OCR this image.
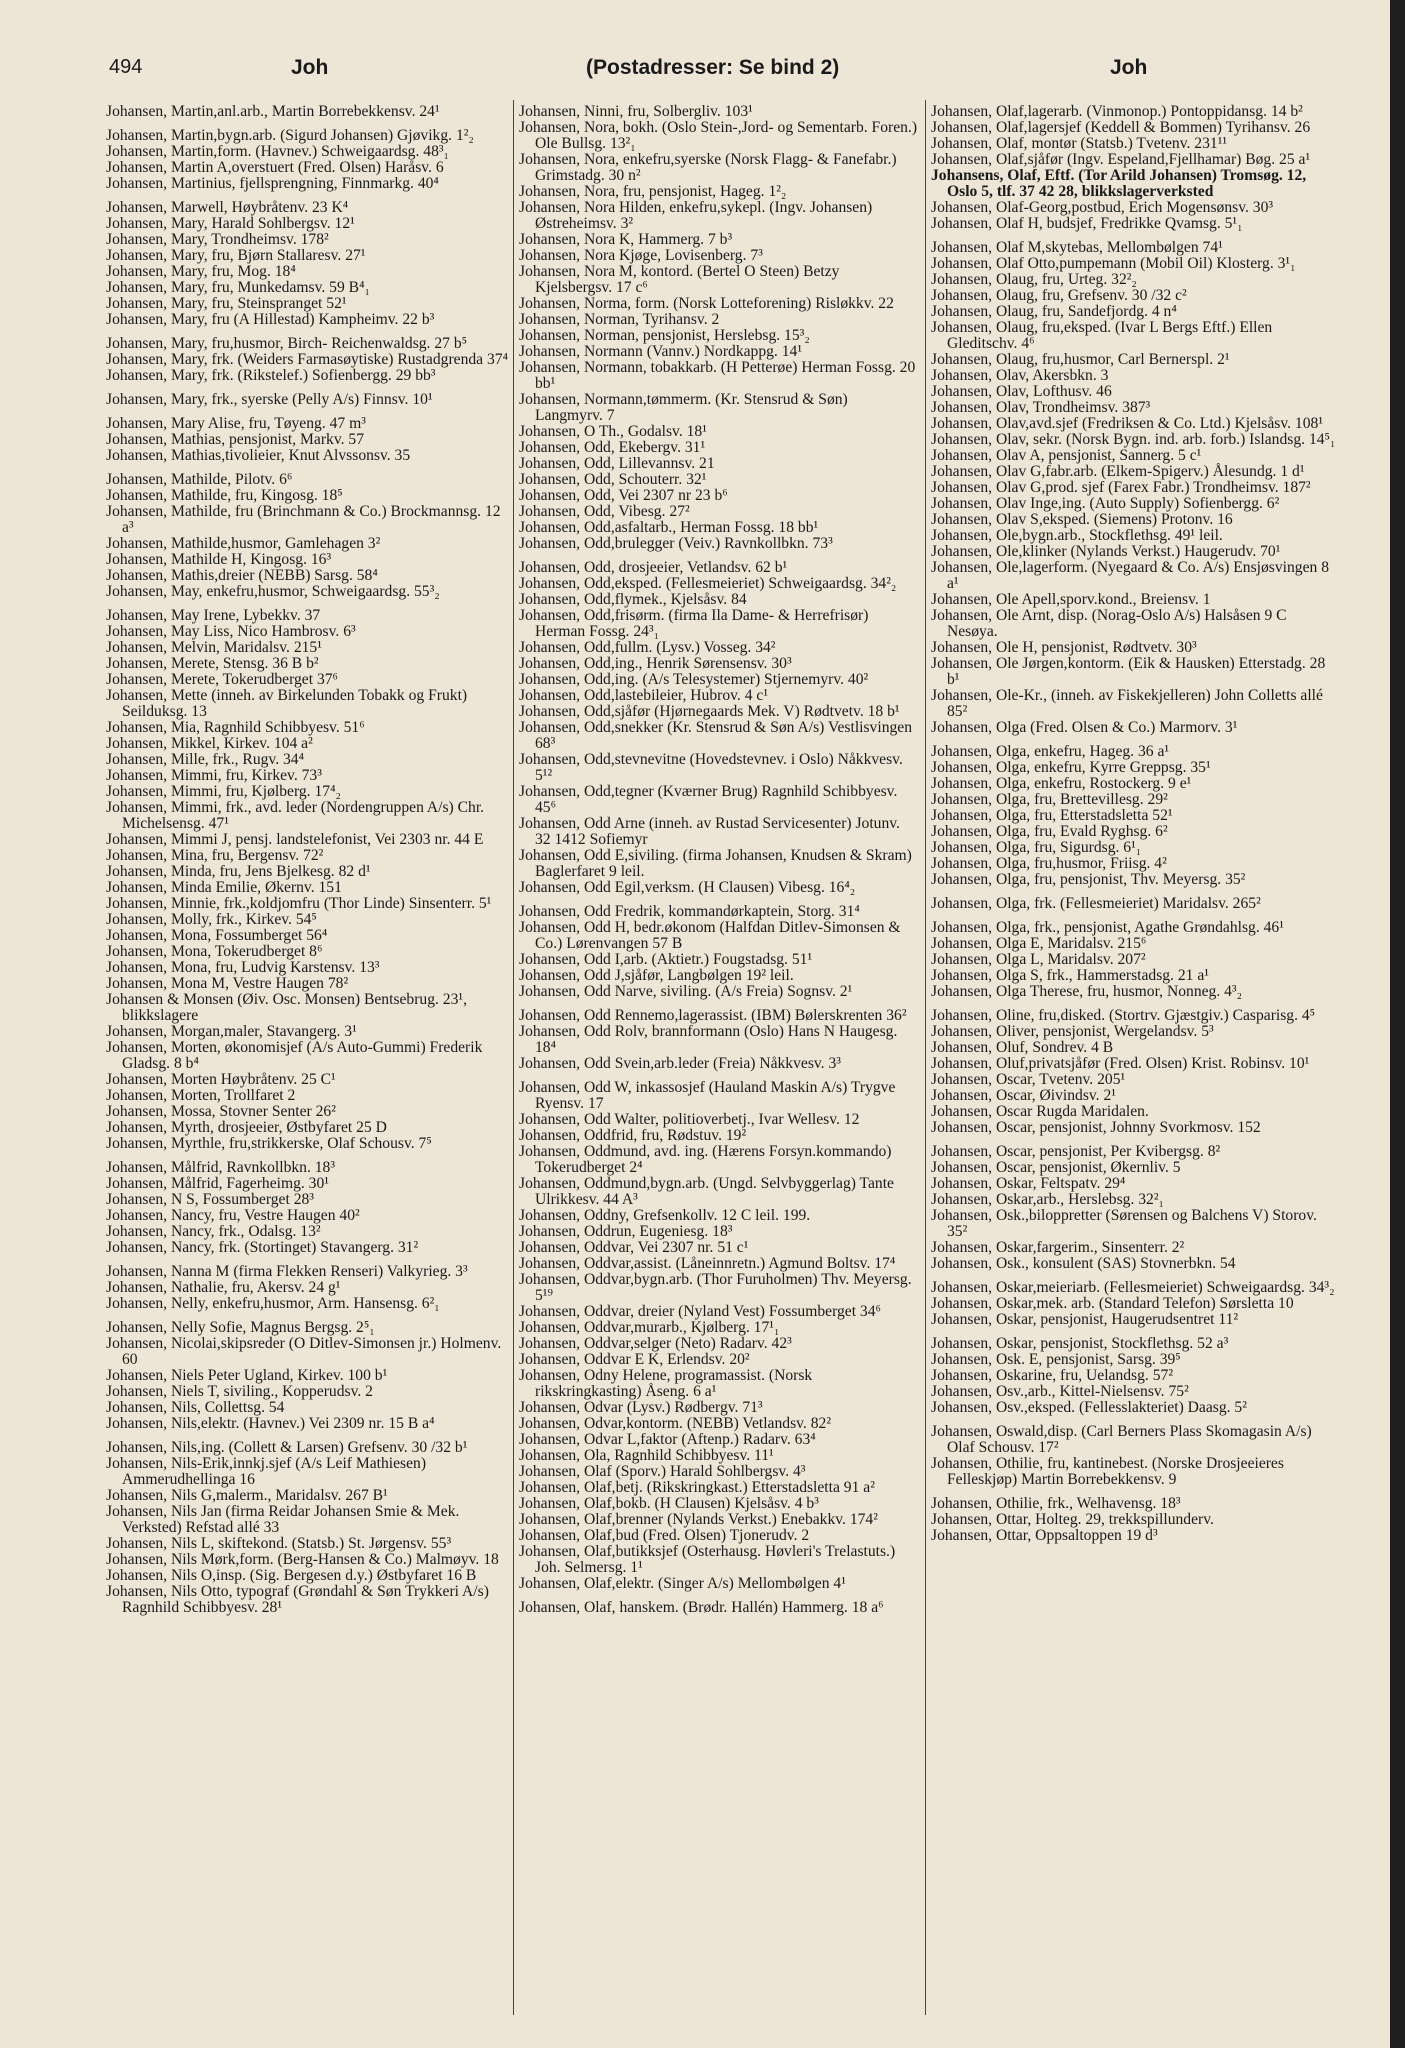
494	Joh	(Postadresser: Se bind 2)	Joh
Johansen, Martin,anl.arb., Martin Borrebekkensv. 24¹
Johansen, Martin,bygn.arb. (Sigurd Johansen) Gjøvikg. 1²₂
Johansen, Martin,form. (Havnev.) Schweigaardsg. 48³₁
Johansen, Martin A,overstuert (Fred. Olsen) Haråsv. 6
Johansen, Martinius, fjellsprengning, Finnmarkg. 40⁴
Johansen, Marwell, Høybråtenv. 23 K⁴
Johansen, Mary, Harald Sohlbergsv. 12¹
Johansen, Mary, Trondheimsv. 178²
Johansen, Mary, fru, Bjørn Stallaresv. 27¹
Johansen, Mary, fru, Mog. 18⁴
Johansen, Mary, fru, Munkedamsv. 59 B⁴₁
Johansen, Mary, fru, Steinspranget 52¹
Johansen, Mary, fru (A Hillestad) Kampheimv. 22 b³
Johansen, Mary, fru,husmor, Birch- Reichenwaldsg. 27 b⁵
Johansen, Mary, frk. (Weiders Farmasøytiske) Rustadgrenda 37⁴
Johansen, Mary, frk. (Rikstelef.) Sofienbergg. 29 bb³
Johansen, Mary, frk., syerske (Pelly A/s) Finnsv. 10¹
Johansen, Mary Alise, fru, Tøyeng. 47 m³
Johansen, Mathias, pensjonist, Markv. 57
Johansen, Mathias,tivolieier, Knut Alvssonsv. 35
Johansen, Mathilde, Pilotv. 6⁶
Johansen, Mathilde, fru, Kingosg. 18⁵
Johansen, Mathilde, fru (Brinchmann & Co.) Brockmannsg. 12 a³
Johansen, Mathilde,husmor, Gamlehagen 3²
Johansen, Mathilde H, Kingosg. 16³
Johansen, Mathis,dreier (NEBB) Sarsg. 58⁴
Johansen, May, enkefru,husmor, Schweigaardsg. 55³₂
Johansen, May Irene, Lybekkv. 37
Johansen, May Liss, Nico Hambrosv. 6³
Johansen, Melvin, Maridalsv. 215¹
Johansen, Merete, Stensg. 36 B b²
Johansen, Merete, Tokerudberget 37⁶
Johansen, Mette (inneh. av Birkelunden Tobakk og Frukt) Seilduksg. 13
Johansen, Mia, Ragnhild Schibbyesv. 51⁶
Johansen, Mikkel, Kirkev. 104 a²
Johansen, Mille, frk., Rugv. 34⁴
Johansen, Mimmi, fru, Kirkev. 73³
Johansen, Mimmi, fru, Kjølberg. 17⁴₂
Johansen, Mimmi, frk., avd. leder (Nordengruppen A/s) Chr. Michelsensg. 47¹
Johansen, Mimmi J, pensj. landstelefonist, Vei 2303 nr. 44 E
Johansen, Mina, fru, Bergensv. 72²
Johansen, Minda, fru, Jens Bjelkesg. 82 d¹
Johansen, Minda Emilie, Økernv. 151
Johansen, Minnie, frk.,koldjomfru (Thor Linde) Sinsenterr. 5¹
Johansen, Molly, frk., Kirkev. 54⁵
Johansen, Mona, Fossumberget 56⁴
Johansen, Mona, Tokerudberget 8⁶
Johansen, Mona, fru, Ludvig Karstensv. 13³
Johansen, Mona M, Vestre Haugen 78²
Johansen & Monsen (Øiv. Osc. Monsen) Bentsebrug. 23¹, blikkslagere
Johansen, Morgan,maler, Stavangerg. 3¹
Johansen, Morten, økonomisjef (A/s Auto-Gummi) Frederik Gladsg. 8 b⁴
Johansen, Morten Høybråtenv. 25 C¹
Johansen, Morten, Trollfaret 2
Johansen, Mossa, Stovner Senter 26²
Johansen, Myrth, drosjeeier, Østbyfaret 25 D
Johansen, Myrthle, fru,strikkerske, Olaf Schousv. 7⁵
Johansen, Målfrid, Ravnkollbkn. 18³
Johansen, Målfrid, Fagerheimg. 30¹
Johansen, N S, Fossumberget 28³
Johansen, Nancy, fru, Vestre Haugen 40²
Johansen, Nancy, frk., Odalsg. 13²
Johansen, Nancy, frk. (Stortinget) Stavangerg. 31²
Johansen, Nanna M (firma Flekken Renseri) Valkyrieg. 3³
Johansen, Nathalie, fru, Akersv. 24 g¹
Johansen, Nelly, enkefru,husmor, Arm. Hansensg. 6²₁
Johansen, Nelly Sofie, Magnus Bergsg. 2⁵₁
Johansen, Nicolai,skipsreder (O Ditlev-Simonsen jr.) Holmenv. 60
Johansen, Niels Peter Ugland, Kirkev. 100 b¹
Johansen, Niels T, siviling., Kopperudsv. 2
Johansen, Nils, Collettsg. 54
Johansen, Nils,elektr. (Havnev.) Vei 2309 nr. 15 B a⁴
Johansen, Nils,ing. (Collett & Larsen) Grefsenv. 30 /32 b¹
Johansen, Nils-Erik,innkj.sjef (A/s Leif Mathiesen) Ammerudhellinga 16
Johansen, Nils G,malerm., Maridalsv. 267 B¹
Johansen, Nils Jan (firma Reidar Johansen Smie & Mek. Verksted) Refstad allé 33
Johansen, Nils L, skiftekond. (Statsb.) St. Jørgensv. 55³
Johansen, Nils Mørk,form. (Berg-Hansen & Co.) Malmøyv. 18
Johansen, Nils O,insp. (Sig. Bergesen d.y.) Østbyfaret 16 B
Johansen, Nils Otto, typograf (Grøndahl & Søn Trykkeri A/s) Ragnhild Schibbyesv. 28¹
Johansen, Ninni, fru, Solbergliv. 103¹
Johansen, Nora, bokh. (Oslo Stein-,Jord- og Sementarb. Foren.) Ole Bullsg. 13²₁
Johansen, Nora, enkefru,syerske (Norsk Flagg- & Fanefabr.) Grimstadg. 30 n²
Johansen, Nora, fru, pensjonist, Hageg. 1²₂
Johansen, Nora Hilden, enkefru,sykepl. (Ingv. Johansen) Østreheimsv. 3²
Johansen, Nora K, Hammerg. 7 b³
Johansen, Nora Kjøge, Lovisenberg. 7³
Johansen, Nora M, kontord. (Bertel O Steen) Betzy Kjelsbergsv. 17 c⁶
Johansen, Norma, form. (Norsk Lotteforening) Risløkkv. 22
Johansen, Norman, Tyrihansv. 2
Johansen, Norman, pensjonist, Herslebsg. 15³₂
Johansen, Normann (Vannv.) Nordkappg. 14¹
Johansen, Normann, tobakkarb. (H Petterøe) Herman Fossg. 20 bb¹
Johansen, Normann,tømmerm. (Kr. Stensrud & Søn) Langmyrv. 7
Johansen, O Th., Godalsv. 18¹
Johansen, Odd, Ekebergv. 31¹
Johansen, Odd, Lillevannsv. 21
Johansen, Odd, Schouterr. 32¹
Johansen, Odd, Vei 2307 nr 23 b⁶
Johansen, Odd, Vibesg. 27²
Johansen, Odd,asfaltarb., Herman Fossg. 18 bb¹
Johansen, Odd,brulegger (Veiv.) Ravnkollbkn. 73³
Johansen, Odd, drosjeeier, Vetlandsv. 62 b¹
Johansen, Odd,eksped. (Fellesmeieriet) Schweigaardsg. 34²₂
Johansen, Odd,flymek., Kjelsåsv. 84
Johansen, Odd,frisørm. (firma Ila Dame- & Herrefrisør) Herman Fossg. 24³₁
Johansen, Odd,fullm. (Lysv.) Vosseg. 34²
Johansen, Odd,ing., Henrik Sørensensv. 30³
Johansen, Odd,ing. (A/s Telesystemer) Stjernemyrv. 40²
Johansen, Odd,lastebileier, Hubrov. 4 c¹
Johansen, Odd,sjåfør (Hjørnegaards Mek. V) Rødtvetv. 18 b¹
Johansen, Odd,snekker (Kr. Stensrud & Søn A/s) Vestlisvingen 68³
Johansen, Odd,stevnevitne (Hovedstevnev. i Oslo) Nåkkvesv. 5¹²
Johansen, Odd,tegner (Kværner Brug) Ragnhild Schibbyesv. 45⁶
Johansen, Odd Arne (inneh. av Rustad Servicesenter) Jotunv. 32 1412 Sofiemyr
Johansen, Odd E,siviling. (firma Johansen, Knudsen & Skram) Baglerfaret 9 leil.
Johansen, Odd Egil,verksm. (H Clausen) Vibesg. 16⁴₂
Johansen, Odd Fredrik, kommandørkaptein, Storg. 31⁴
Johansen, Odd H, bedr.økonom (Halfdan Ditlev-Simonsen & Co.) Lørenvangen 57 B
Johansen, Odd I,arb. (Aktietr.) Fougstadsg. 51¹
Johansen, Odd J,sjåfør, Langbølgen 19² leil.
Johansen, Odd Narve, siviling. (A/s Freia) Sognsv. 2¹
Johansen, Odd Rennemo,lagerassist. (IBM) Bølerskrenten 36²
Johansen, Odd Rolv, brannformann (Oslo) Hans N Haugesg. 18⁴
Johansen, Odd Svein,arb.leder (Freia) Nåkkvesv. 3³
Johansen, Odd W, inkassosjef (Hauland Maskin A/s) Trygve Ryensv. 17
Johansen, Odd Walter, politioverbetj., Ivar Wellesv. 12
Johansen, Oddfrid, fru, Rødstuv. 19²
Johansen, Oddmund, avd. ing. (Hærens Forsyn.kommando) Tokerudberget 2⁴
Johansen, Oddmund,bygn.arb. (Ungd. Selvbyggerlag) Tante Ulrikkesv. 44 A³
Johansen, Oddny, Grefsenkollv. 12 C leil. 199.
Johansen, Oddrun, Eugeniesg. 18³
Johansen, Oddvar, Vei 2307 nr. 51 c¹
Johansen, Oddvar,assist. (Låneinnretn.) Agmund Boltsv. 17⁴
Johansen, Oddvar,bygn.arb. (Thor Furuholmen) Thv. Meyersg. 5¹⁹
Johansen, Oddvar, dreier (Nyland Vest) Fossumberget 34⁶
Johansen, Oddvar,murarb., Kjølberg. 17¹₁
Johansen, Oddvar,selger (Neto) Radarv. 42³
Johansen, Oddvar E K, Erlendsv. 20²
Johansen, Odny Helene, programassist. (Norsk rikskringkasting) Åseng. 6 a¹
Johansen, Odvar (Lysv.) Rødbergv. 71³
Johansen, Odvar,kontorm. (NEBB) Vetlandsv. 82²
Johansen, Odvar L,faktor (Aftenp.) Radarv. 63⁴
Johansen, Ola, Ragnhild Schibbyesv. 11¹
Johansen, Olaf (Sporv.) Harald Sohlbergsv. 4³
Johansen, Olaf,betj. (Rikskringkast.) Etterstadsletta 91 a²
Johansen, Olaf,bokb. (H Clausen) Kjelsåsv. 4 b³
Johansen, Olaf,brenner (Nylands Verkst.) Enebakkv. 174²
Johansen, Olaf,bud (Fred. Olsen) Tjonerudv. 2
Johansen, Olaf,butikksjef (Osterhausg. Høvleri's Trelastuts.) Joh. Selmersg. 1¹
Johansen, Olaf,elektr. (Singer A/s) Mellombølgen 4¹
Johansen, Olaf, hanskem. (Brødr. Hallén) Hammerg. 18 a⁶
Johansen, Olaf,lagerarb. (Vinmonop.) Pontoppidansg. 14 b²
Johansen, Olaf,lagersjef (Keddell & Bommen) Tyrihansv. 26
Johansen, Olaf, montør (Statsb.) Tvetenv. 231¹¹
Johansen, Olaf,sjåfør (Ingv. Espeland,Fjellhamar) Bøg. 25 a¹
Johansens, Olaf, Eftf. (Tor Arild Johansen) Tromsøg. 12, Oslo 5, tlf. 37 42 28, blikkslagerverksted
Johansen, Olaf-Georg,postbud, Erich Mogensønsv. 30³
Johansen, Olaf H, budsjef, Fredrikke Qvamsg. 5¹₁
Johansen, Olaf M,skytebas, Mellombølgen 74¹
Johansen, Olaf Otto,pumpemann (Mobil Oil) Klosterg. 3¹₁
Johansen, Olaug, fru, Urteg. 32²₂
Johansen, Olaug, fru, Grefsenv. 30 /32 c²
Johansen, Olaug, fru, Sandefjordg. 4 n⁴
Johansen, Olaug, fru,eksped. (Ivar L Bergs Eftf.) Ellen Gleditschv. 4⁶
Johansen, Olaug, fru,husmor, Carl Bernerspl. 2¹
Johansen, Olav, Akersbkn. 3
Johansen, Olav, Lofthusv. 46
Johansen, Olav, Trondheimsv. 387³
Johansen, Olav,avd.sjef (Fredriksen & Co. Ltd.) Kjelsåsv. 108¹
Johansen, Olav, sekr. (Norsk Bygn. ind. arb. forb.) Islandsg. 14⁵₁
Johansen, Olav A, pensjonist, Sannerg. 5 c¹
Johansen, Olav G,fabr.arb. (Elkem-Spigerv.) Ålesundg. 1 d¹
Johansen, Olav G,prod. sjef (Farex Fabr.) Trondheimsv. 187²
Johansen, Olav Inge,ing. (Auto Supply) Sofienbergg. 6²
Johansen, Olav S,eksped. (Siemens) Protonv. 16
Johansen, Ole,bygn.arb., Stockflethsg. 49¹ leil.
Johansen, Ole,klinker (Nylands Verkst.) Haugerudv. 70¹
Johansen, Ole,lagerform. (Nyegaard & Co. A/s) Ensjøsvingen 8 a¹
Johansen, Ole Apell,sporv.kond., Breiensv. 1
Johansen, Ole Arnt, disp. (Norag-Oslo A/s) Halsåsen 9 C Nesøya.
Johansen, Ole H, pensjonist, Rødtvetv. 30³
Johansen, Ole Jørgen,kontorm. (Eik & Hausken) Etterstadg. 28 b¹
Johansen, Ole-Kr., (inneh. av Fiskekjelleren) John Colletts allé 85²
Johansen, Olga (Fred. Olsen & Co.) Marmorv. 3¹
Johansen, Olga, enkefru, Hageg. 36 a¹
Johansen, Olga, enkefru, Kyrre Greppsg. 35¹
Johansen, Olga, enkefru, Rostockerg. 9 e¹
Johansen, Olga, fru, Brettevillesg. 29²
Johansen, Olga, fru, Etterstadsletta 52¹
Johansen, Olga, fru, Evald Ryghsg. 6²
Johansen, Olga, fru, Sigurdsg. 6¹₁
Johansen, Olga, fru,husmor, Friisg. 4²
Johansen, Olga, fru, pensjonist, Thv. Meyersg. 35²
Johansen, Olga, frk. (Fellesmeieriet) Maridalsv. 265²
Johansen, Olga, frk., pensjonist, Agathe Grøndahlsg. 46¹
Johansen, Olga E, Maridalsv. 215⁶
Johansen, Olga L, Maridalsv. 207²
Johansen, Olga S, frk., Hammerstadsg. 21 a¹
Johansen, Olga Therese, fru, husmor, Nonneg. 4³₂
Johansen, Oline, fru,disked. (Stortrv. Gjæstgiv.) Casparisg. 4⁵
Johansen, Oliver, pensjonist, Wergelandsv. 5³
Johansen, Oluf, Sondrev. 4 B
Johansen, Oluf,privatsjåfør (Fred. Olsen) Krist. Robinsv. 10¹
Johansen, Oscar, Tvetenv. 205¹
Johansen, Oscar, Øivindsv. 2¹
Johansen, Oscar Rugda Maridalen.
Johansen, Oscar, pensjonist, Johnny Svorkmosv. 152
Johansen, Oscar, pensjonist, Per Kvibergsg. 8²
Johansen, Oscar, pensjonist, Økernliv. 5
Johansen, Oskar, Feltspatv. 29⁴
Johansen, Oskar,arb., Herslebsg. 32²₁
Johansen, Osk.,biloppretter (Sørensen og Balchens V) Storov. 35²
Johansen, Oskar,fargerim., Sinsenterr. 2²
Johansen, Osk., konsulent (SAS) Stovnerbkn. 54
Johansen, Oskar,meieriarb. (Fellesmeieriet) Schweigaardsg. 34³₂
Johansen, Oskar,mek. arb. (Standard Telefon) Sørsletta 10
Johansen, Oskar, pensjonist, Haugerudsentret 11²
Johansen, Oskar, pensjonist, Stockflethsg. 52 a³
Johansen, Osk. E, pensjonist, Sarsg. 39⁵
Johansen, Oskarine, fru, Uelandsg. 57²
Johansen, Osv.,arb., Kittel-Nielsensv. 75²
Johansen, Osv.,eksped. (Fellesslakteriet) Daasg. 5²
Johansen, Oswald,disp. (Carl Berners Plass Skomagasin A/s) Olaf Schousv. 17²
Johansen, Othilie, fru, kantinebest. (Norske Drosjeeieres Felleskjøp) Martin Borrebekkensv. 9
Johansen, Othilie, frk., Welhavensg. 18³
Johansen, Ottar, Holteg. 29, trekkspillunderv.
Johansen, Ottar, Oppsaltoppen 19 d³
